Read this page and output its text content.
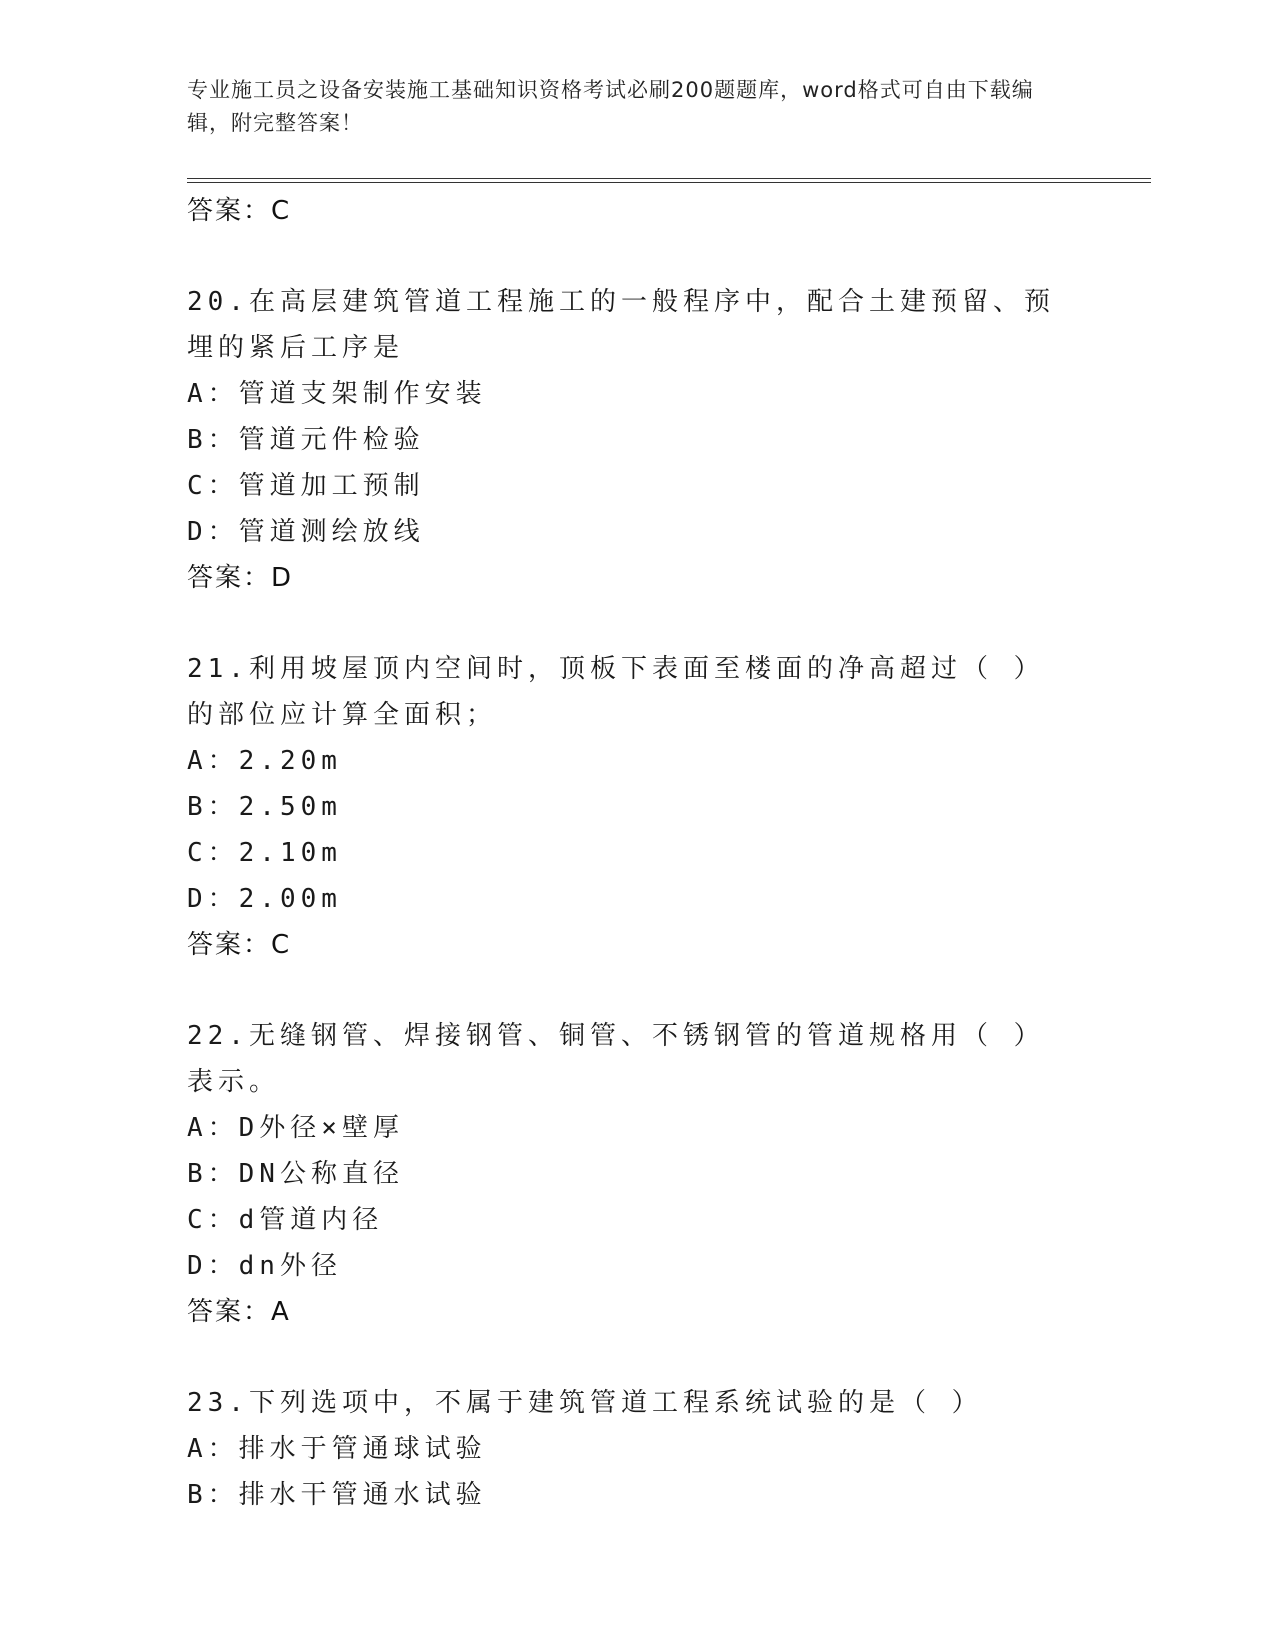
专业施工员之设备安装施工基础知识资格考试必刷200题题库，word格式可自由下载编辑，附完整答案！
答案：C
20.在高层建筑管道工程施工的一般程序中，配合土建预留、预埋的紧后工序是
A：管道支架制作安装
B：管道元件检验
C：管道加工预制
D：管道测绘放线
答案：D
21.利用坡屋顶内空间时，顶板下表面至楼面的净高超过（ ）的部位应计算全面积；
A：2.20m
B：2.50m
C：2.10m
D：2.00m
答案：C
22.无缝钢管、焊接钢管、铜管、不锈钢管的管道规格用（ ）表示。
A：D外径×壁厚
B：DN公称直径
C：d管道内径
D：dn外径
答案：A
23.下列选项中，不属于建筑管道工程系统试验的是（ ）
A：排水于管通球试验
B：排水干管通水试验
